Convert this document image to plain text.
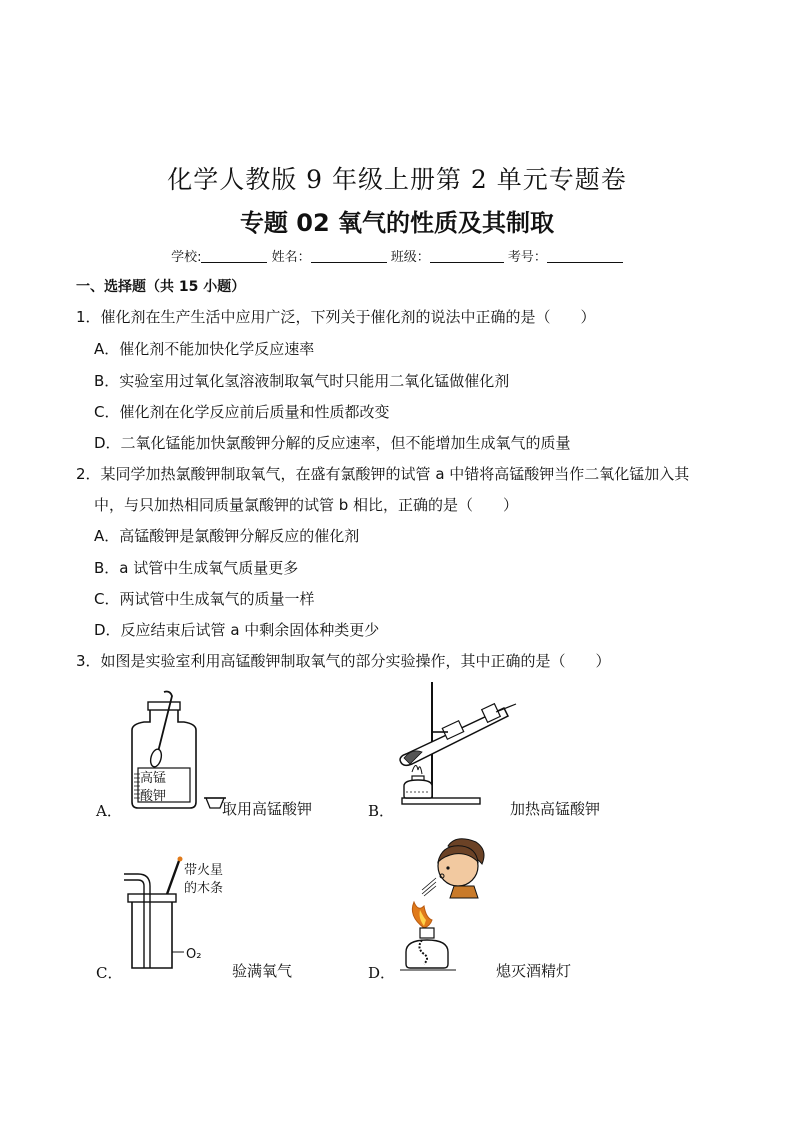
化学人教版 9 年级上册第 2 单元专题卷
专题 02 氧气的性质及其制取
学校:	姓名：	班级：	考号：
一、选择题（共 15 小题）
1．催化剂在生产生活中应用广泛，下列关于催化剂的说法中正确的是（　　）
A．催化剂不能加快化学反应速率
B．实验室用过氧化氢溶液制取氧气时只能用二氧化锰做催化剂
C．催化剂在化学反应前后质量和性质都改变
D．二氧化锰能加快氯酸钾分解的反应速率，但不能增加生成氧气的质量
2．某同学加热氯酸钾制取氧气，在盛有氯酸钾的试管 a 中错将高锰酸钾当作二氧化锰加入其
中，与只加热相同质量氯酸钾的试管 b 相比，正确的是（　　）
A．高锰酸钾是氯酸钾分解反应的催化剂
B．a 试管中生成氧气质量更多
C．两试管中生成氧气的质量一样
D．反应结束后试管 a 中剩余固体种类更少
3．如图是实验室利用高锰酸钾制取氧气的部分实验操作，其中正确的是（　　）
高锰
酸钾
A．	取用高锰酸钾	B．	加热高锰酸钾
带火星
的木条
O₂
C．	验满氧气	D．	熄灭酒精灯
